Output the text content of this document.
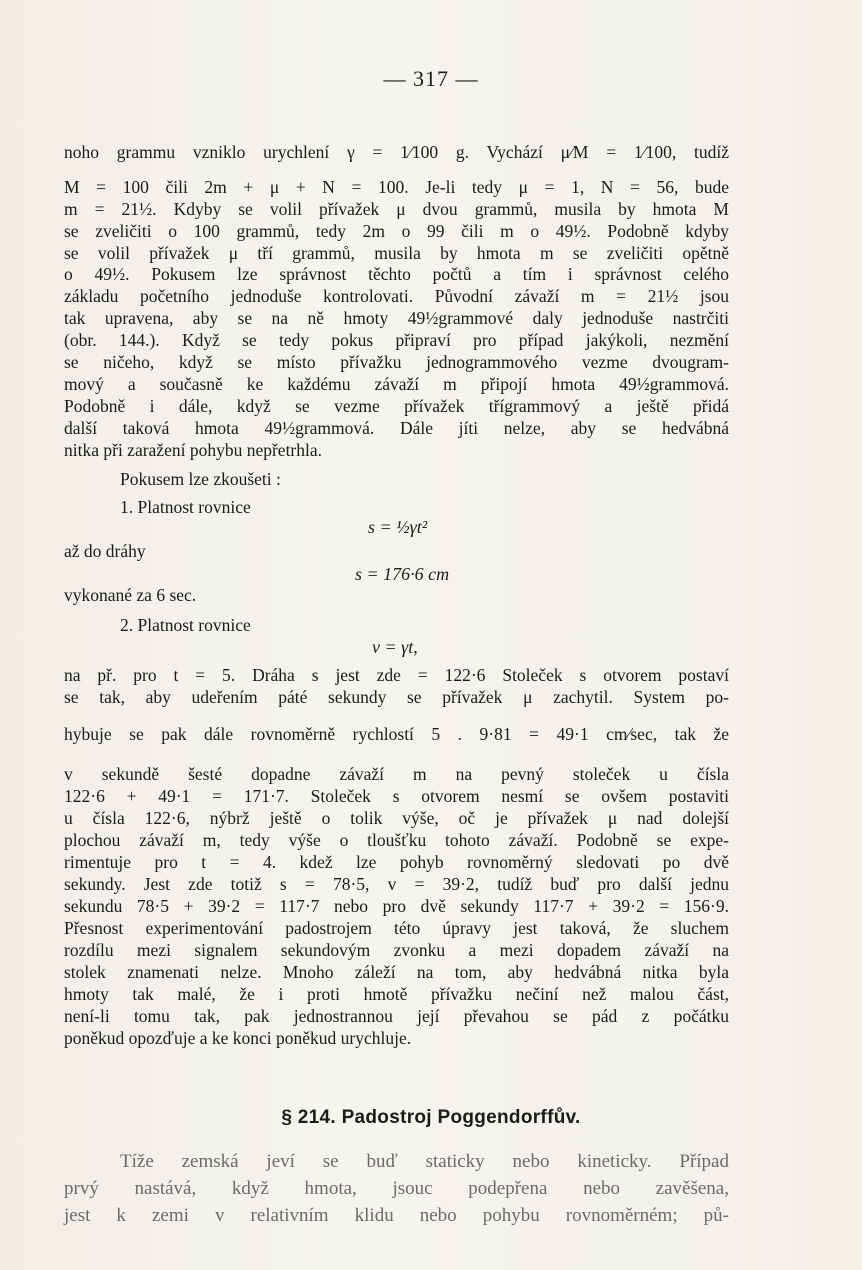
— 317 —
noho grammu vzniklo urychlení γ = 1⁄100 g. Vychází μ⁄M = 1⁄100, tudíž
M = 100 čili 2m + μ + N = 100. Je-li tedy μ = 1, N = 56, bude
m = 21½. Kdyby se volil přívažek μ dvou grammů, musila by hmota M
se zveličiti o 100 grammů, tedy 2m o 99 čili m o 49½. Podobně kdyby
se volil přívažek μ tří grammů, musila by hmota m se zveličiti opětně
o 49½. Pokusem lze správnost těchto počtů a tím i správnost celého
základu početního jednoduše kontrolovati. Původní závaží m = 21½ jsou
tak upravena, aby se na ně hmoty 49½grammové daly jednoduše nastrčiti
(obr. 144.). Když se tedy pokus připraví pro případ jakýkoli, nezmění
se ničeho, když se místo přívažku jednogrammového vezme dvougram-
mový a současně ke každému závaží m připojí hmota 49½grammová.
Podobně i dále, když se vezme přívažek třígrammový a ještě přidá
další taková hmota 49½grammová. Dále jíti nelze, aby se hedvábná
nitka při zaražení pohybu nepřetrhla.
Pokusem lze zkoušeti :
1. Platnost rovnice
s = ½γt²
až do dráhy
s = 176·6 cm
vykonané za 6 sec.
2. Platnost rovnice
v = γt,
na př. pro t = 5. Dráha s jest zde = 122·6 Stoleček s otvorem postaví
se tak, aby udeřením páté sekundy se přívažek μ zachytil. System po-
hybuje se pak dále rovnoměrně rychlostí 5 . 9·81 = 49·1 cm⁄sec, tak že
v sekundě šesté dopadne závaží m na pevný stoleček u čísla
122·6 + 49·1 = 171·7. Stoleček s otvorem nesmí se ovšem postaviti
u čísla 122·6, nýbrž ještě o tolik výše, oč je přívažek μ nad dolejší
plochou závaží m, tedy výše o tloušťku tohoto závaží. Podobně se expe-
rimentuje pro t = 4. kdež lze pohyb rovnoměrný sledovati po dvě
sekundy. Jest zde totiž s = 78·5, v = 39·2, tudíž buď pro další jednu
sekundu 78·5 + 39·2 = 117·7 nebo pro dvě sekundy 117·7 + 39·2 = 156·9.
Přesnost experimentování padostrojem této úpravy jest taková, že sluchem
rozdílu mezi signalem sekundovým zvonku a mezi dopadem závaží na
stolek znamenati nelze. Mnoho záleží na tom, aby hedvábná nitka byla
hmoty tak malé, že i proti hmotě přívažku nečiní než malou část,
není-li tomu tak, pak jednostrannou její převahou se pád z počátku
poněkud opozďuje a ke konci poněkud urychluje.
§ 214. Padostroj Poggendorffův.
Tíže zemská jeví se buď staticky nebo kineticky. Případ
prvý nastává, když hmota, jsouc podepřena nebo zavěšena,
jest k zemi v relativním klidu nebo pohybu rovnoměrném; pů-
